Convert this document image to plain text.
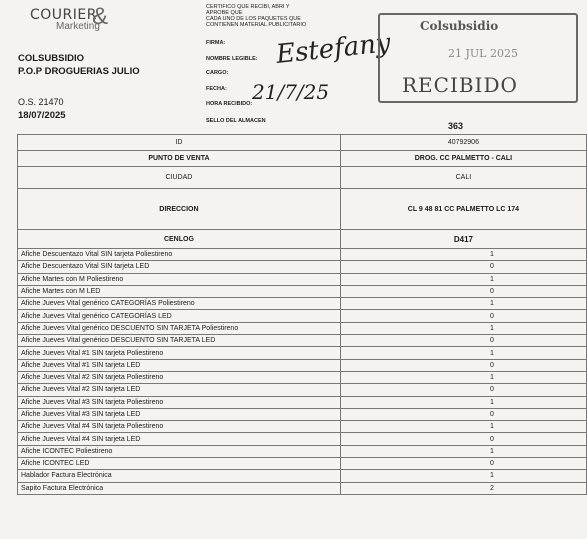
COURIER
Marketing
&	CERTIFICO QUE RECIBI, ABRI Y
APROBE QUE
CADA UNO DE LOS PAQUETES QUE
CONTIENEN MATERIAL PUBLICITARIO
FIRMA:
NOMBRE LEGIBLE:
CARGO:
FECHA:
HORA RECIBIDO:
SELLO DEL ALMACEN
Estefany
21/7/25
Colsubsidio
21 JUL 2025
RECIBIDO
COLSUBSIDIO
P.O.P DROGUERIAS JULIO
O.S. 21470
18/07/2025
363
ID	40792906
PUNTO DE VENTA	DROG. CC PALMETTO - CALI
CIUDAD	CALI
DIRECCION	CL 9 48 81 CC PALMETTO LC 174
CENLOG	D417
Afiche Descuentazo Vital SIN tarjeta Poliestireno	1
Afiche Descuentazo Vital SIN tarjeta LED	0
Afiche Martes con M Poliestireno	1
Afiche Martes con M LED	0
Afiche Jueves Vital genérico CATEGORÍAS Poliestireno	1
Afiche Jueves Vital genérico CATEGORÍAS LED	0
Afiche Jueves Vital genérico DESCUENTO SIN TARJETA Poliestireno	1
Afiche Jueves Vital genérico DESCUENTO SIN TARJETA LED	0
Afiche Jueves Vital #1 SIN tarjeta Poliestireno	1
Afiche Jueves Vital #1 SIN tarjeta LED	0
Afiche Jueves Vital #2 SIN tarjeta Poliestireno	1
Afiche Jueves Vital #2 SIN tarjeta LED	0
Afiche Jueves Vital #3 SIN tarjeta Poliestireno	1
Afiche Jueves Vital #3 SIN tarjeta LED	0
Afiche Jueves Vital #4 SIN tarjeta Poliestireno	1
Afiche Jueves Vital #4 SIN tarjeta LED	0
Afiche ICONTEC Poliestireno	1
Afiche ICONTEC LED	0
Hablador Factura Electrónica	1
Sapito Factura Electrónica	2
